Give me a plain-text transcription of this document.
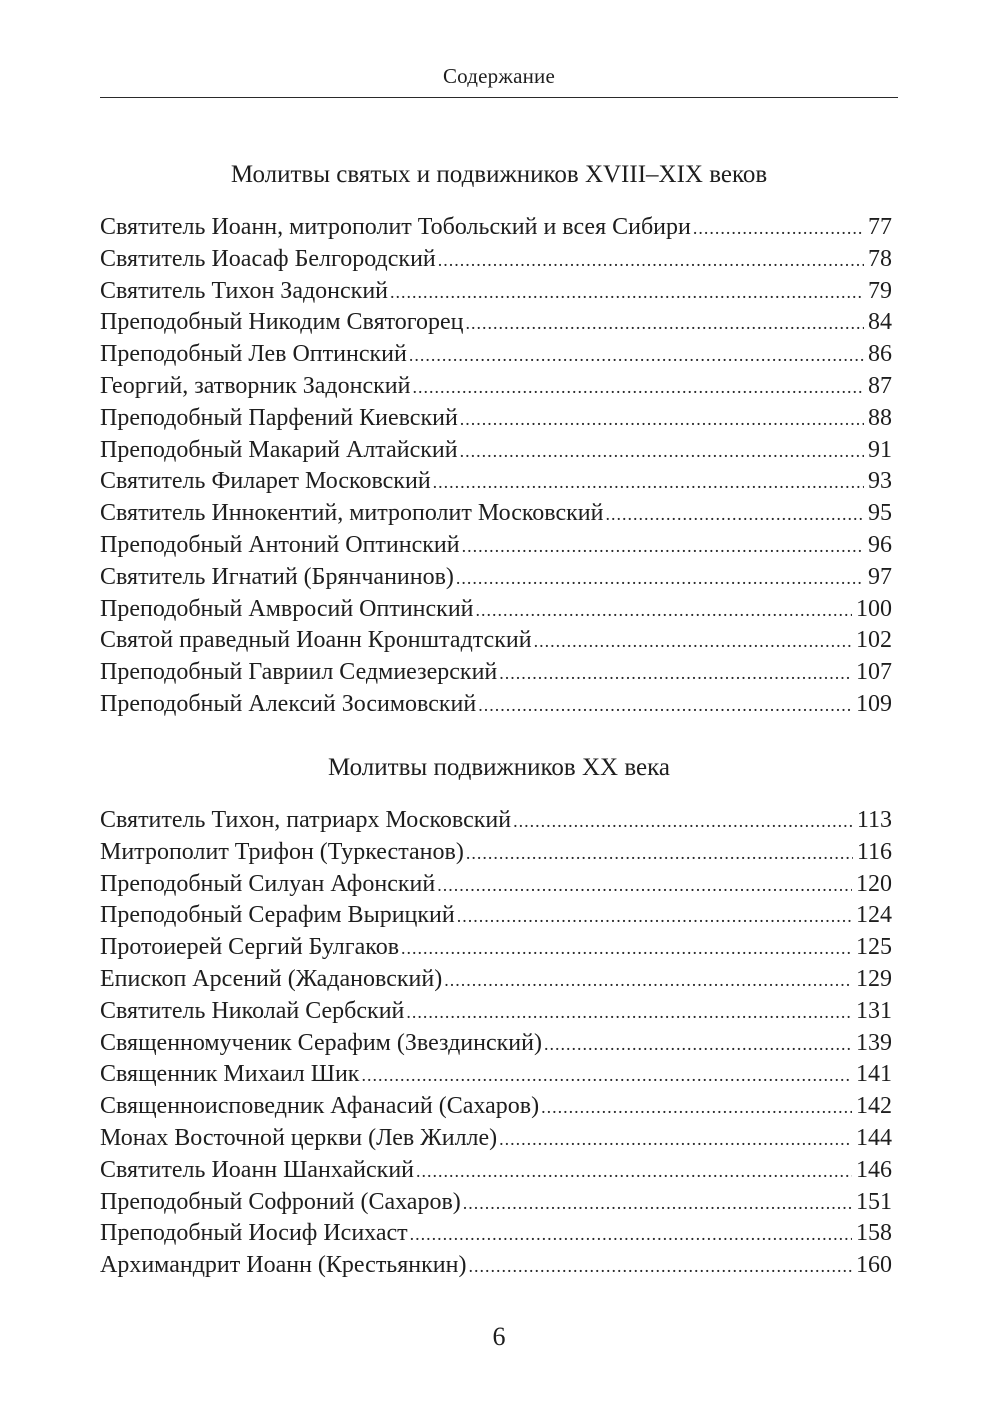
Содержание
Молитвы святых и подвижников XVIII–XIX веков
Святитель Иоанн, митрополит Тобольский и всея Сибири .....	77
Святитель Иоасаф Белгородский .....	78
Святитель Тихон Задонский .....	79
Преподобный Никодим Святогорец .....	84
Преподобный Лев Оптинский .....	86
Георгий, затворник Задонский .....	87
Преподобный Парфений Киевский .....	88
Преподобный Макарий Алтайский .....	91
Святитель Филарет Московский .....	93
Святитель Иннокентий, митрополит Московский .....	95
Преподобный Антоний Оптинский .....	96
Святитель Игнатий (Брянчанинов) .....	97
Преподобный Амвросий Оптинский .....	100
Святой праведный Иоанн Кронштадтский .....	102
Преподобный Гавриил Седмиезерский .....	107
Преподобный Алексий Зосимовский .....	109
Молитвы подвижников XX века
Святитель Тихон, патриарх Московский .....	113
Митрополит Трифон (Туркестанов) .....	116
Преподобный Силуан Афонский .....	120
Преподобный Серафим Вырицкий .....	124
Протоиерей Сергий Булгаков .....	125
Епископ Арсений (Жадановский) .....	129
Святитель Николай Сербский .....	131
Священномученик Серафим (Звездинский) .....	139
Священник Михаил Шик .....	141
Священноисповедник Афанасий (Сахаров) .....	142
Монах Восточной церкви (Лев Жилле) .....	144
Святитель Иоанн Шанхайский .....	146
Преподобный Софроний (Сахаров) .....	151
Преподобный Иосиф Исихаст .....	158
Архимандрит Иоанн (Крестьянкин) .....	160
6
